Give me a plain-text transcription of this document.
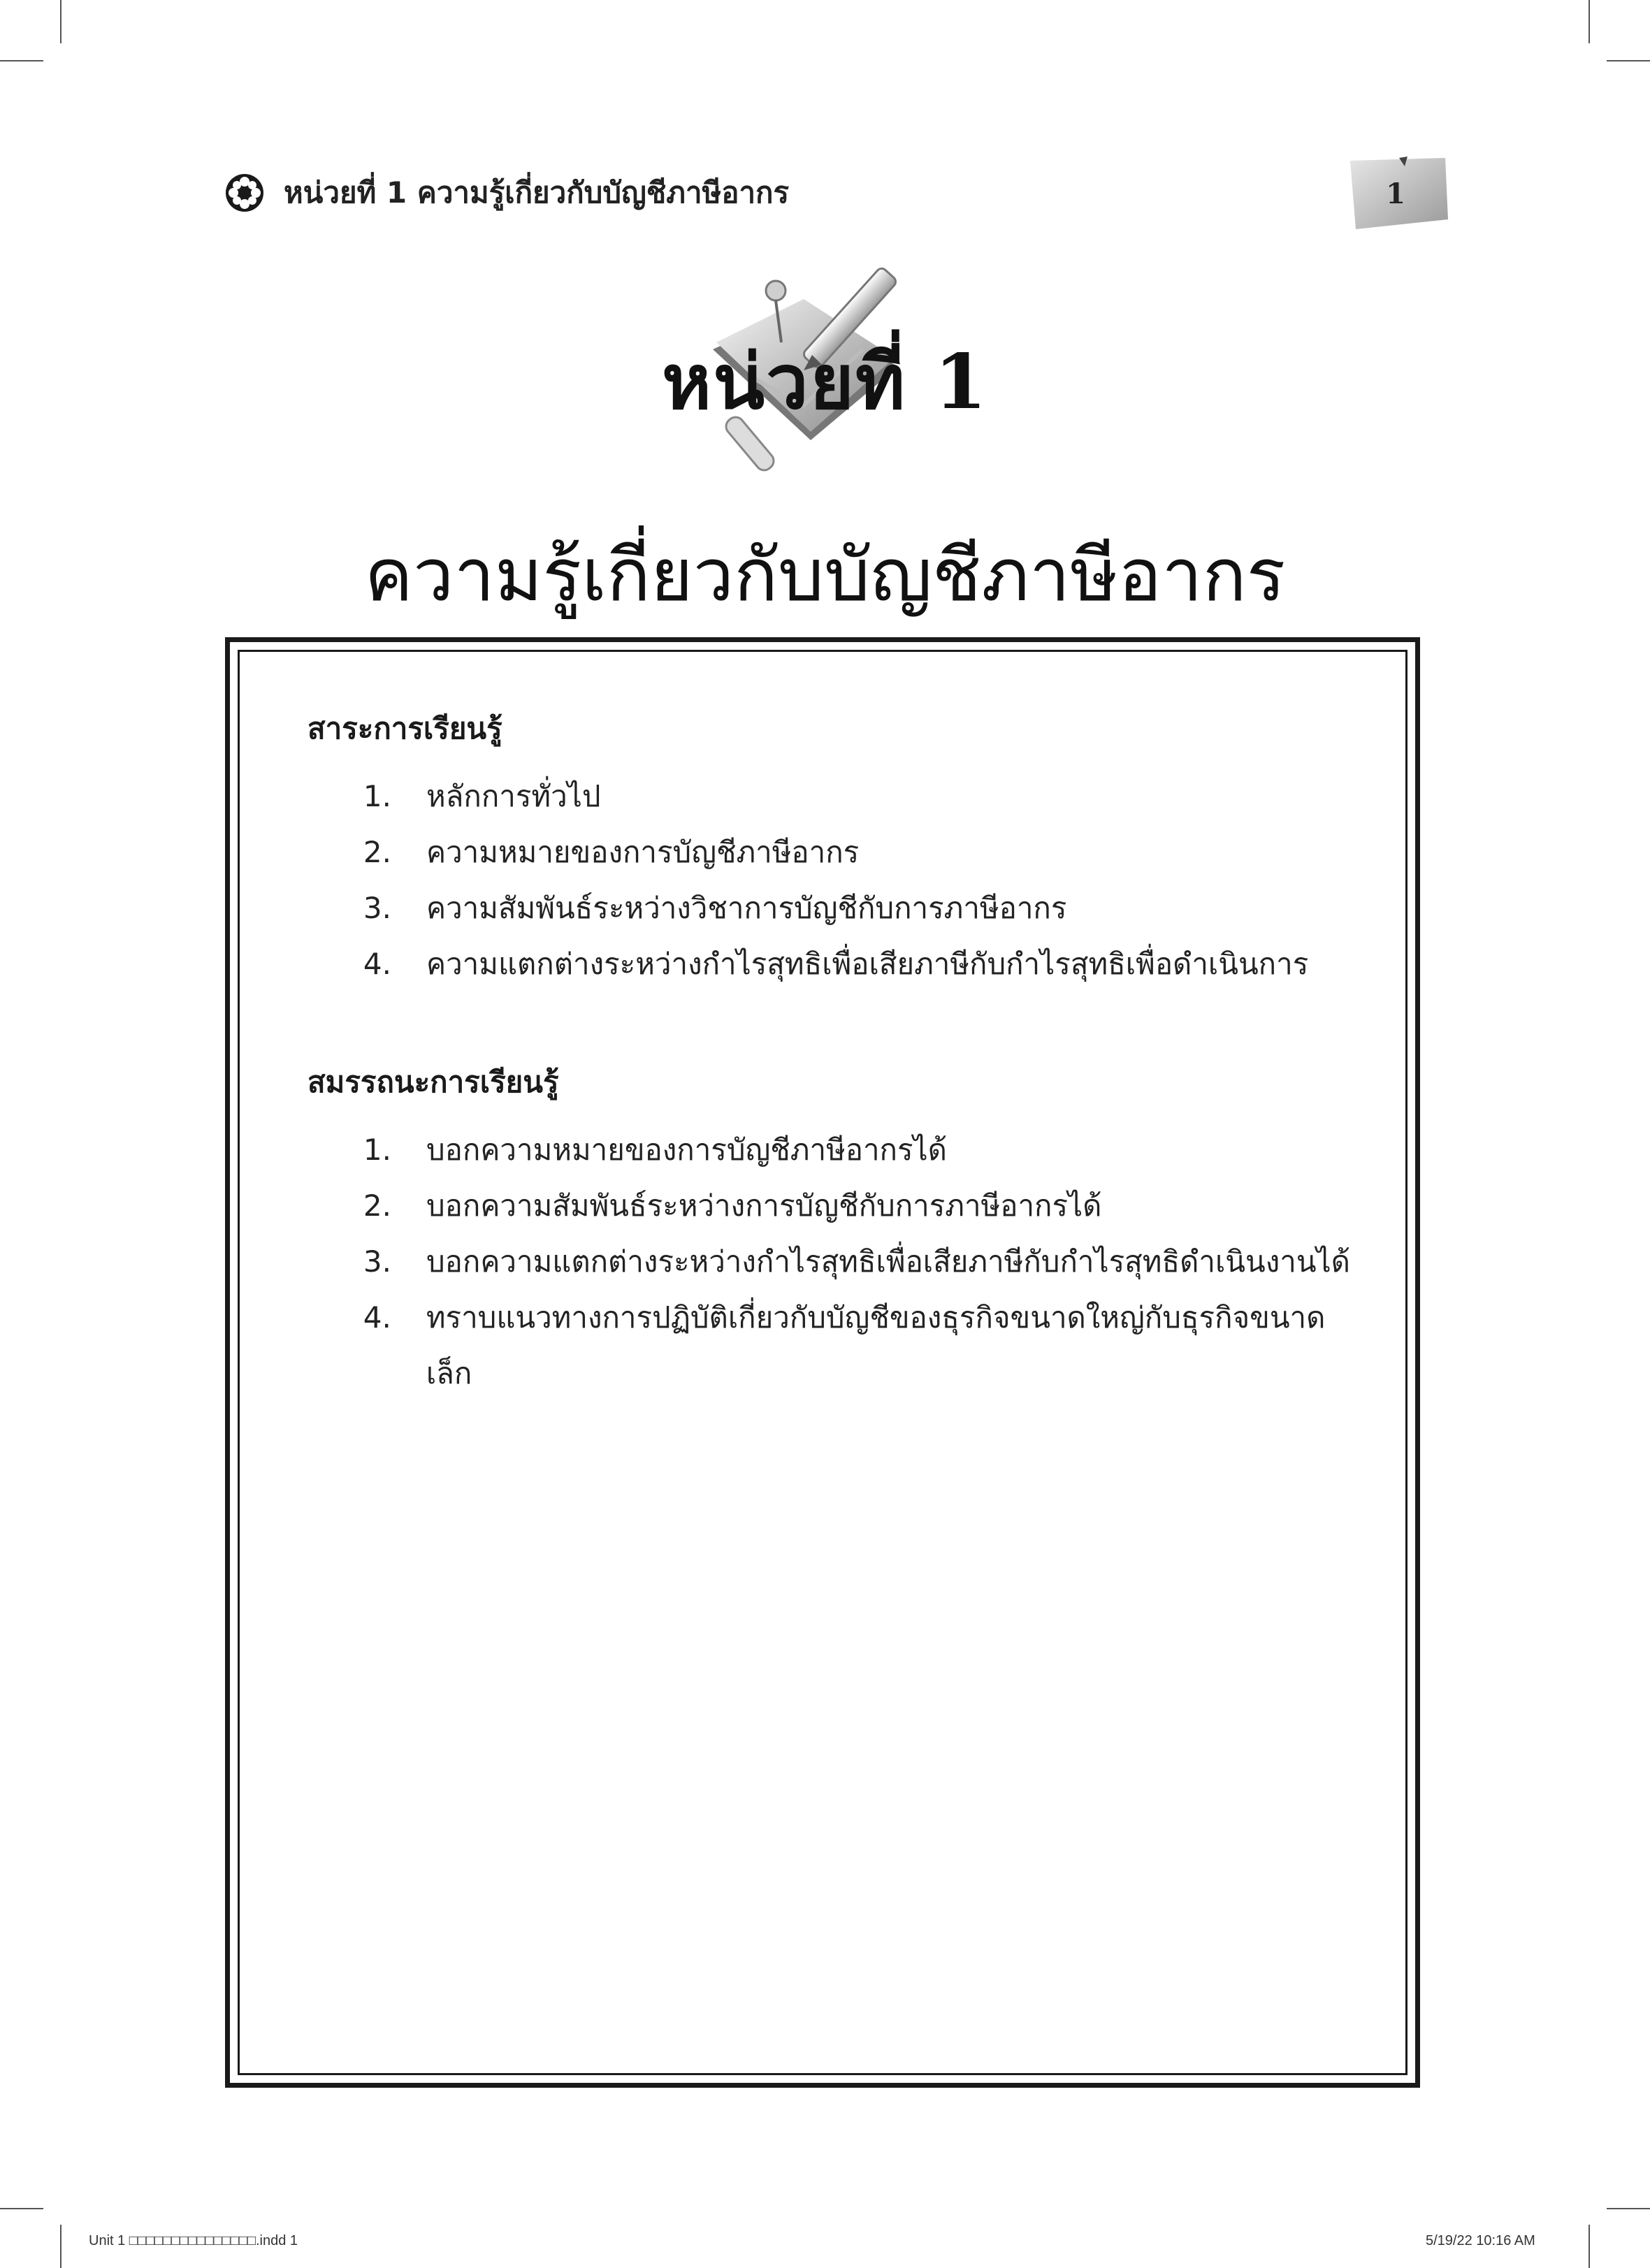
หน่วยที่ 1 ความรู้เกี่ยวกับบัญชีภาษีอากร	1
หน่วยที่ 1
ความรู้เกี่ยวกับบัญชีภาษีอากร
สาระการเรียนรู้
1.	หลักการทั่วไป
2.	ความหมายของการบัญชีภาษีอากร
3.	ความสัมพันธ์ระหว่างวิชาการบัญชีกับการภาษีอากร
4.	ความแตกต่างระหว่างกำไรสุทธิเพื่อเสียภาษีกับกำไรสุทธิเพื่อดำเนินการ
สมรรถนะการเรียนรู้
1.	บอกความหมายของการบัญชีภาษีอากรได้
2.	บอกความสัมพันธ์ระหว่างการบัญชีกับการภาษีอากรได้
3.	บอกความแตกต่างระหว่างกำไรสุทธิเพื่อเสียภาษีกับกำไรสุทธิดำเนินงานได้
4.	ทราบแนวทางการปฏิบัติเกี่ยวกับบัญชีของธุรกิจขนาดใหญ่กับธุรกิจขนาดเล็ก
Unit 1 □□□□□□□□□□□□□□□.indd 1	5/19/22 10:16 AM
